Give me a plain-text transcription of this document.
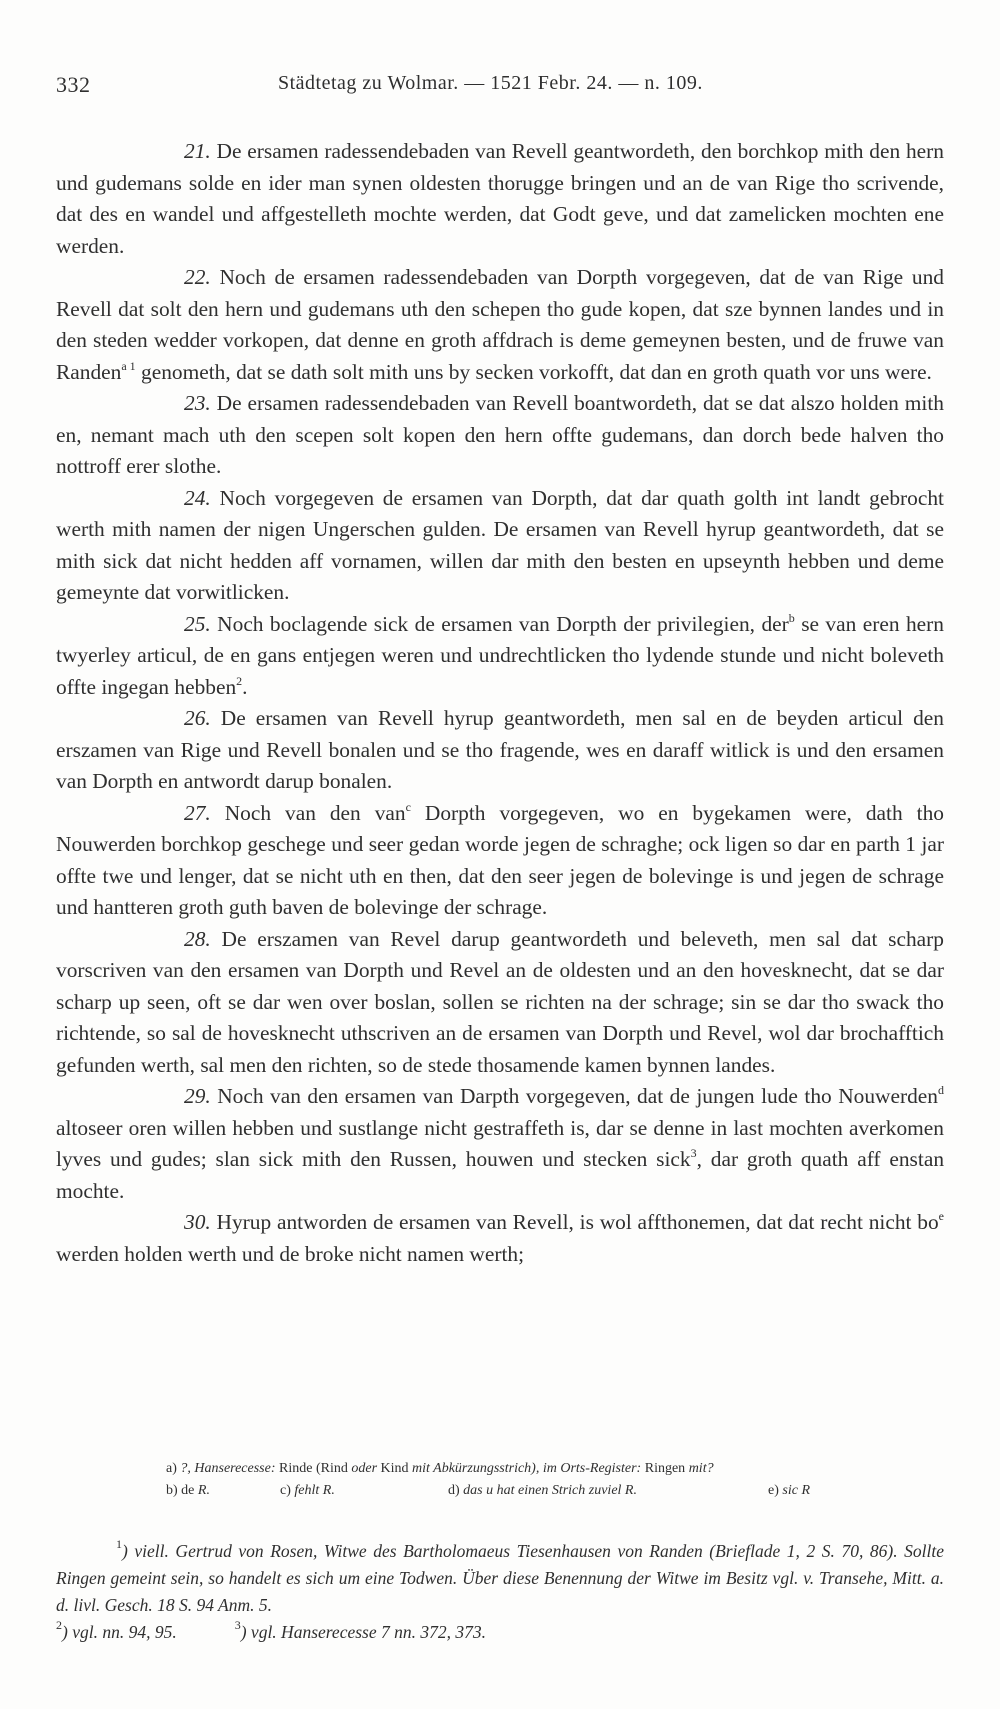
332	Städtetag zu Wolmar. — 1521 Febr. 24. — n. 109.

21. De ersamen radessendebaden van Revell geantwordeth, den borchkop mith den hern und gudemans solde en ider man synen oldesten thorugge bringen und an de van Rige tho scrivende, dat des en wandel und affgestelleth mochte werden, dat Godt geve, und dat zamelicken mochten ene werden.

22. Noch de ersamen radessendebaden van Dorpth vorgegeven, dat de van Rige und Revell dat solt den hern und gudemans uth den schepen tho gude kopen, dat sze bynnen landes und in den steden wedder vorkopen, dat denne en groth affdrach is deme gemeynen besten, und de fruwe van Randen$^{a 1}$ genometh, dat se dath solt mith uns by secken vorkofft, dat dan en groth quath vor uns were.

23. De ersamen radessendebaden van Revell boantwordeth, dat se dat alszo holden mith en, nemant mach uth den scepen solt kopen den hern offte gudemans, dan dorch bede halven tho nottroff erer slothe.

24. Noch vorgegeven de ersamen van Dorpth, dat dar quath golth int landt gebrocht werth mith namen der nigen Ungerschen gulden. De ersamen van Revell hyrup geantwordeth, dat se mith sick dat nicht hedden aff vornamen, willen dar mith den besten en upseynth hebben und deme gemeynte dat vorwitlicken.

25. Noch boclagende sick de ersamen van Dorpth der privilegien, der$^b$ se van eren hern twyerley articul, de en gans entjegen weren und undrechtlicken tho lydende stunde und nicht boleveth offte ingegan hebben$^2$.

26. De ersamen van Revell hyrup geantwordeth, men sal en de beyden articul den erszamen van Rige und Revell bonalen und se tho fragende, wes en daraff witlick is und den ersamen van Dorpth en antwordt darup bonalen.

27. Noch van den van$^c$ Dorpth vorgegeven, wo en bygekamen were, dath tho Nouwerden borchkop geschege und seer gedan worde jegen de schraghe; ock ligen so dar en parth 1 jar offte twe und lenger, dat se nicht uth en then, dat den seer jegen de bolevinge is und jegen de schrage und hantteren groth guth baven de bolevinge der schrage.

28. De erszamen van Revel darup geantwordeth und beleveth, men sal dat scharp vorscriven van den ersamen van Dorpth und Revel an de oldesten und an den hovesknecht, dat se dar scharp up seen, oft se dar wen over boslan, sollen se richten na der schrage; sin se dar tho swack tho richtende, so sal de hovesknecht uthscriven an de ersamen van Dorpth und Revel, wol dar brochafftich gefunden werth, sal men den richten, so de stede thosamende kamen bynnen landes.

29. Noch van den ersamen van Darpth vorgegeven, dat de jungen lude tho Nouwerden$^d$ altoseer oren willen hebben und sustlange nicht gestraffeth is, dar se denne in last mochten averkomen lyves und gudes; slan sick mith den Russen, houwen und stecken sick$^3$, dar groth quath aff enstan mochte.

30. Hyrup antworden de ersamen van Revell, is wol affthonemen, dat dat recht nicht $bo^e$ werden holden werth und de broke nicht namen werth;

a) ?, Hanserecesse: Rinde (Rind oder Kind mit Abkürzungsstrich), im Orts-Register: Ringen mit?
b) de R.	c) fehlt R.	d) das u hat einen Strich zuviel R.	e) sic R

$^1$) viell. Gertrud von Rosen, Witwe des Bartholomaeus Tiesenhausen von Randen (Brieflade 1, 2 S. 70, 86). Sollte Ringen gemeint sein, so handelt es sich um eine Todwen. Über diese Benennung der Witwe im Besitz vgl. v. Transehe, Mitt. a. d. livl. Gesch. 18 S. 94 Anm. 5.

$^2$) vgl. nn. 94, 95.	$^3$) vgl. Hanserecesse 7 nn. 372, 373.
